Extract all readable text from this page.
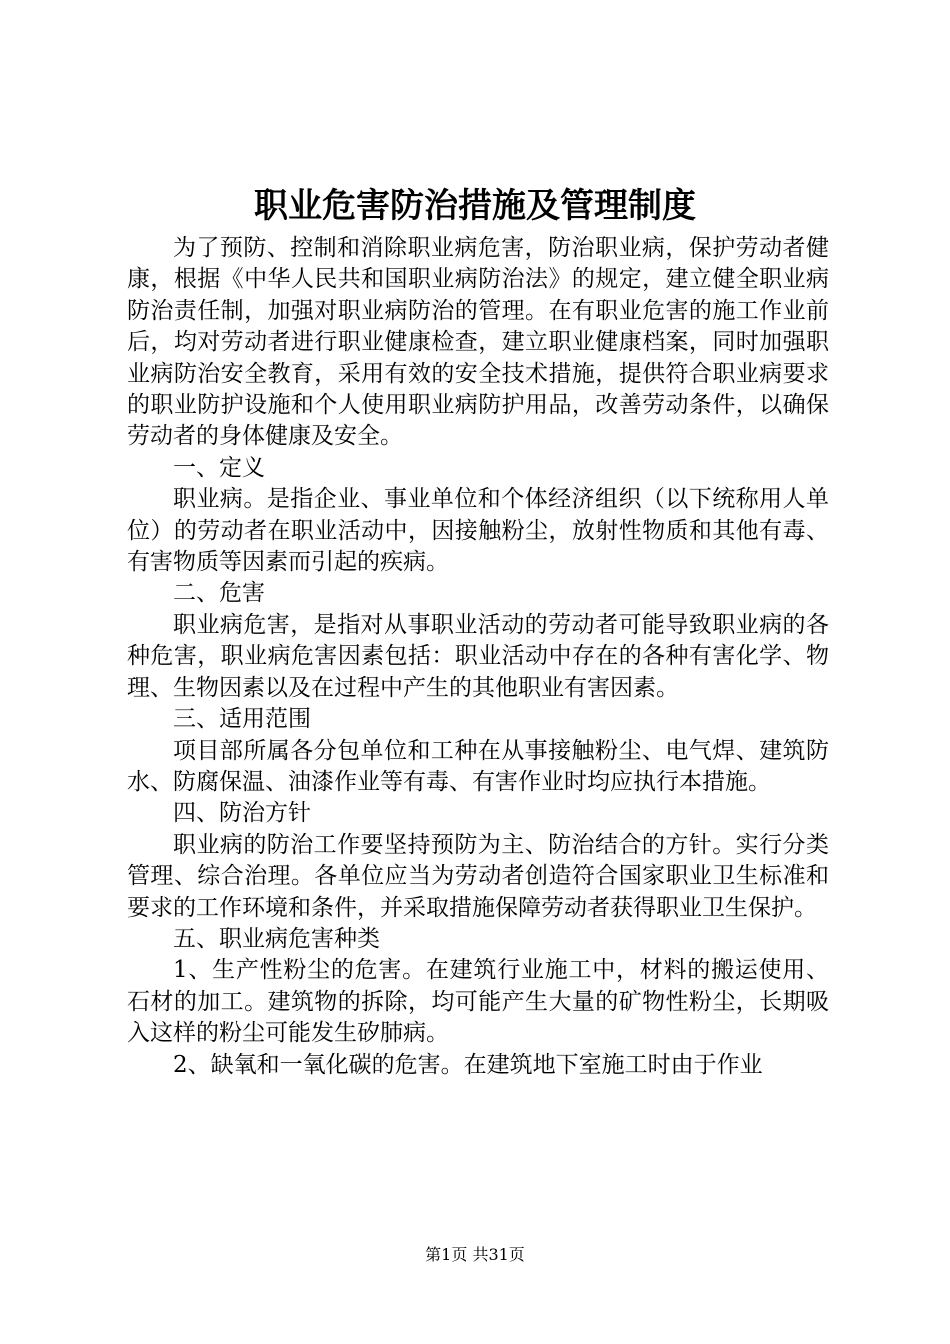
职业危害防治措施及管理制度

为了预防、控制和消除职业病危害，防治职业病，保护劳动者健康，根据《中华人民共和国职业病防治法》的规定，建立健全职业病防治责任制，加强对职业病防治的管理。在有职业危害的施工作业前后，均对劳动者进行职业健康检查，建立职业健康档案，同时加强职业病防治安全教育，采用有效的安全技术措施，提供符合职业病要求的职业防护设施和个人使用职业病防护用品，改善劳动条件，以确保劳动者的身体健康及安全。

一、定义

职业病。是指企业、事业单位和个体经济组织（以下统称用人单位）的劳动者在职业活动中，因接触粉尘，放射性物质和其他有毒、有害物质等因素而引起的疾病。

二、危害

职业病危害，是指对从事职业活动的劳动者可能导致职业病的各种危害，职业病危害因素包括：职业活动中存在的各种有害化学、物理、生物因素以及在过程中产生的其他职业有害因素。

三、适用范围

项目部所属各分包单位和工种在从事接触粉尘、电气焊、建筑防水、防腐保温、油漆作业等有毒、有害作业时均应执行本措施。

四、防治方针

职业病的防治工作要坚持预防为主、防治结合的方针。实行分类管理、综合治理。各单位应当为劳动者创造符合国家职业卫生标准和要求的工作环境和条件，并采取措施保障劳动者获得职业卫生保护。

五、职业病危害种类

1、生产性粉尘的危害。在建筑行业施工中，材料的搬运使用、石材的加工。建筑物的拆除，均可能产生大量的矿物性粉尘，长期吸入这样的粉尘可能发生矽肺病。

2、缺氧和一氧化碳的危害。在建筑地下室施工时由于作业

第1页 共31页
